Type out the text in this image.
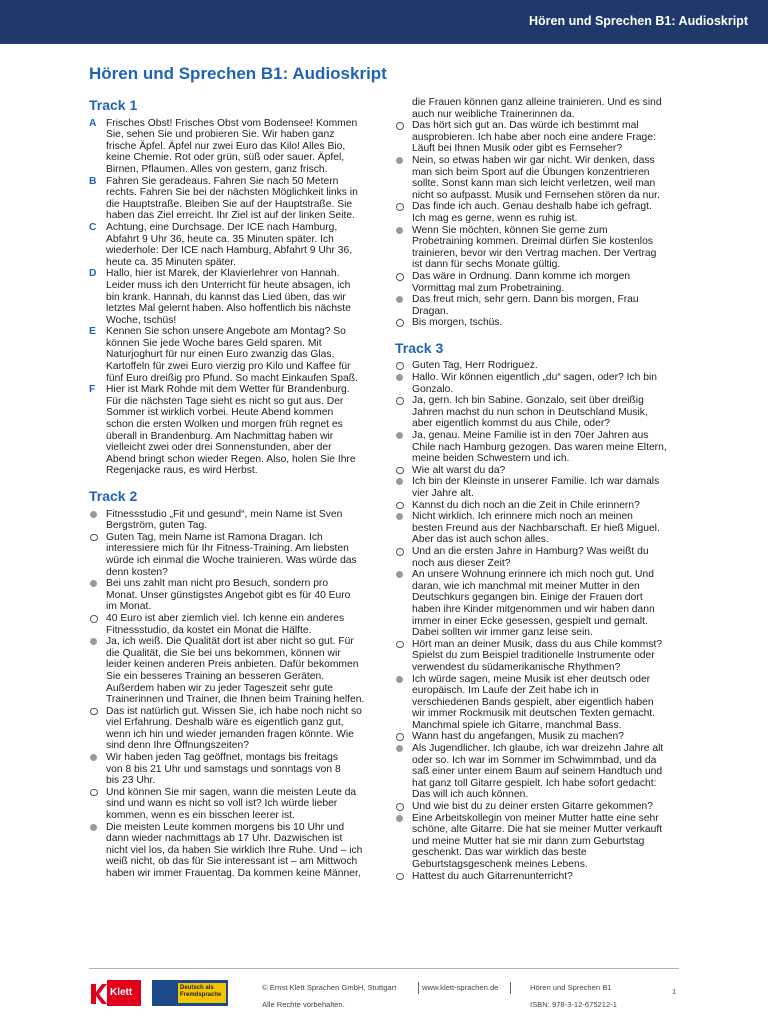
Hören und Sprechen B1: Audioskript
Hören und Sprechen B1: Audioskript
Track 1
A Frisches Obst! Frisches Obst vom Bodensee! Kommen
Sie, sehen Sie und probieren Sie. Wir haben ganz
frische Äpfel. Äpfel nur zwei Euro das Kilo! Alles Bio,
keine Chemie. Rot oder grün, süß oder sauer. Äpfel,
Birnen, Pflaumen. Alles von gestern, ganz frisch.
B Fahren Sie geradeaus. Fahren Sie nach 50 Metern
rechts. Fahren Sie bei der nächsten Möglichkeit links in
die Hauptstraße. Bleiben Sie auf der Hauptstraße. Sie
haben das Ziel erreicht. Ihr Ziel ist auf der linken Seite.
C Achtung, eine Durchsage. Der ICE nach Hamburg,
Abfahrt 9 Uhr 36, heute ca. 35 Minuten später. Ich
wiederhole: Der ICE nach Hamburg, Abfahrt 9 Uhr 36,
heute ca. 35 Minuten später.
D Hallo, hier ist Marek, der Klavierlehrer von Hannah.
Leider muss ich den Unterricht für heute absagen, ich
bin krank. Hannah, du kannst das Lied üben, das wir
letztes Mal gelernt haben. Also hoffentlich bis nächste
Woche, tschüs!
E Kennen Sie schon unsere Angebote am Montag? So
können Sie jede Woche bares Geld sparen. Mit
Naturjoghurt für nur einen Euro zwanzig das Glas,
Kartoffeln für zwei Euro vierzig pro Kilo und Kaffee für
fünf Euro dreißig pro Pfund. So macht Einkaufen Spaß.
F	Hier ist Mark Rohde mit dem Wetter für Brandenburg.
Für die nächsten Tage sieht es nicht so gut aus. Der
Sommer ist wirklich vorbei. Heute Abend kommen
schon die ersten Wolken und morgen früh regnet es
überall in Brandenburg. Am Nachmittag haben wir
vielleicht zwei oder drei Sonnenstunden, aber der
Abend bringt schon wieder Regen. Also, holen Sie Ihre
Regenjacke raus, es wird Herbst.
Track 2
Fitnessstudio „Fit und gesund“, mein Name ist Sven
Bergström, guten Tag.
Guten Tag, mein Name ist Ramona Dragan. Ich
interessiere mich für Ihr Fitness-Training. Am liebsten
würde ich einmal die Woche trainieren. Was würde das
denn kosten?
Bei uns zahlt man nicht pro Besuch, sondern pro
Monat. Unser günstigstes Angebot gibt es für 40 Euro
im Monat.
40 Euro ist aber ziemlich viel. Ich kenne ein anderes
Fitnessstudio, da kostet ein Monat die Hälfte.
Ja, ich weiß. Die Qualität dort ist aber nicht so gut. Für
die Qualität, die Sie bei uns bekommen, können wir
leider keinen anderen Preis anbieten. Dafür bekommen
Sie ein besseres Training an besseren Geräten.
Außerdem haben wir zu jeder Tageszeit sehr gute
Trainerinnen und Trainer, die Ihnen beim Training helfen.
Das ist natürlich gut. Wissen Sie, ich habe noch nicht so
viel Erfahrung. Deshalb wäre es eigentlich ganz gut,
wenn ich hin und wieder jemanden fragen könnte. Wie
sind denn Ihre Öffnungszeiten?
Wir haben jeden Tag geöffnet, montags bis freitags
von 8 bis 21 Uhr und samstags und sonntags von 8
bis 23 Uhr.
Und können Sie mir sagen, wann die meisten Leute da
sind und wann es nicht so voll ist? Ich würde lieber
kommen, wenn es ein bisschen leerer ist.
Die meisten Leute kommen morgens bis 10 Uhr und
dann wieder nachmittags ab 17 Uhr. Dazwischen ist
nicht viel los, da haben Sie wirklich Ihre Ruhe. Und – ich
weiß nicht, ob das für Sie interessant ist – am Mittwoch
haben wir immer Frauentag. Da kommen keine Männer,
die Frauen können ganz alleine trainieren. Und es sind
auch nur weibliche Trainerinnen da.
Das hört sich gut an. Das würde ich bestimmt mal
ausprobieren. Ich habe aber noch eine andere Frage:
Läuft bei Ihnen Musik oder gibt es Fernseher?
Nein, so etwas haben wir gar nicht. Wir denken, dass
man sich beim Sport auf die Übungen konzentrieren
sollte. Sonst kann man sich leicht verletzen, weil man
nicht so aufpasst. Musik und Fernsehen stören da nur.
Das finde ich auch. Genau deshalb habe ich gefragt.
Ich mag es gerne, wenn es ruhig ist.
Wenn Sie möchten, können Sie gerne zum
Probetraining kommen. Dreimal dürfen Sie kostenlos
trainieren, bevor wir den Vertrag machen. Der Vertrag
ist dann für sechs Monate gültig.
Das wäre in Ordnung. Dann komme ich morgen
Vormittag mal zum Probetraining.
Das freut mich, sehr gern. Dann bis morgen, Frau
Dragan.
Bis morgen, tschüs.
Track 3
Guten Tag, Herr Rodriguez.
Hallo. Wir können eigentlich „du“ sagen, oder? Ich bin
Gonzalo.
Ja, gern. Ich bin Sabine. Gonzalo, seit über dreißig
Jahren machst du nun schon in Deutschland Musik,
aber eigentlich kommst du aus Chile, oder?
Ja, genau. Meine Familie ist in den 70er Jahren aus
Chile nach Hamburg gezogen. Das waren meine Eltern,
meine beiden Schwestern und ich.
Wie alt warst du da?
Ich bin der Kleinste in unserer Familie. Ich war damals
vier Jahre alt.
Kannst du dich noch an die Zeit in Chile erinnern?
Nicht wirklich. Ich erinnere mich noch an meinen
besten Freund aus der Nachbarschaft. Er hieß Miguel.
Aber das ist auch schon alles.
Und an die ersten Jahre in Hamburg? Was weißt du
noch aus dieser Zeit?
An unsere Wohnung erinnere ich mich noch gut. Und
daran, wie ich manchmal mit meiner Mutter in den
Deutschkurs gegangen bin. Einige der Frauen dort
haben ihre Kinder mitgenommen und wir haben dann
immer in einer Ecke gesessen, gespielt und gemalt.
Dabei sollten wir immer ganz leise sein.
Hört man an deiner Musik, dass du aus Chile kommst?
Spielst du zum Beispiel traditionelle Instrumente oder
verwendest du südamerikanische Rhythmen?
Ich würde sagen, meine Musik ist eher deutsch oder
europäisch. Im Laufe der Zeit habe ich in
verschiedenen Bands gespielt, aber eigentlich haben
wir immer Rockmusik mit deutschen Texten gemacht.
Manchmal spiele ich Gitarre, manchmal Bass.
Wann hast du angefangen, Musik zu machen?
Als Jugendlicher. Ich glaube, ich war dreizehn Jahre alt
oder so. Ich war im Sommer im Schwimmbad, und da
saß einer unter einem Baum auf seinem Handtuch und
hat ganz toll Gitarre gespielt. Ich habe sofort gedacht:
Das will ich auch können.
Und wie bist du zu deiner ersten Gitarre gekommen?
Eine Arbeitskollegin von meiner Mutter hatte eine sehr
schöne, alte Gitarre. Die hat sie meiner Mutter verkauft
und meine Mutter hat sie mir dann zum Geburtstag
geschenkt. Das war wirklich das beste
Geburtstagsgeschenk meines Lebens.
Hattest du auch Gitarrenunterricht?
Klett	Deutsch als Fremdsprache
© Ernst Klett Sprachen GmbH, Stuttgart	www.klett-sprachen.de
Alle Rechte vorbehalten.
Hören und Sprechen B1
ISBN: 978-3-12-675212-1
1
